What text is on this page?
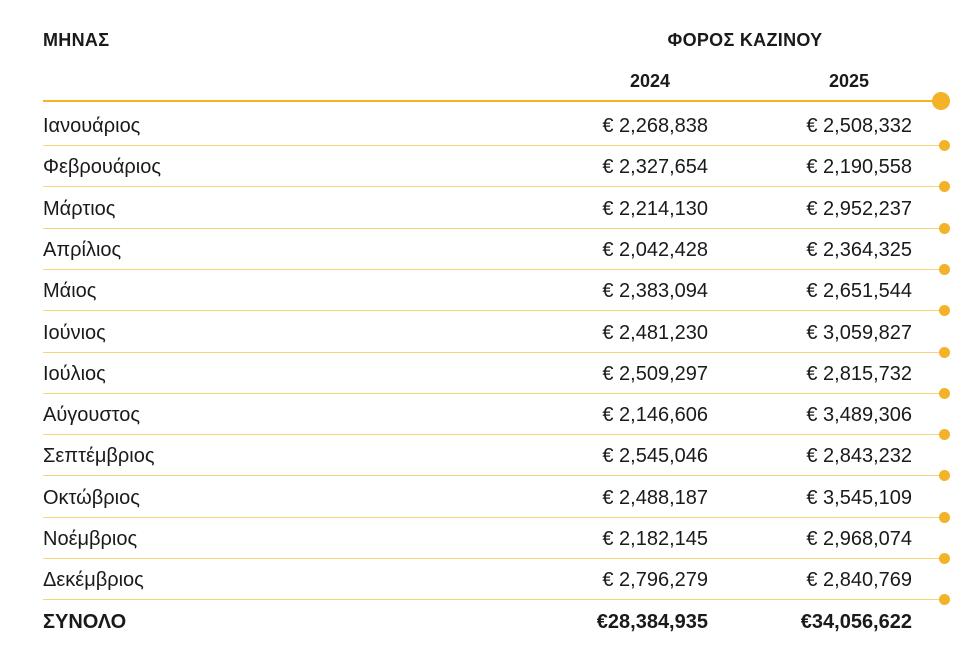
ΜΗΝΑΣ	ΦΟΡΟΣ ΚΑΖΙΝΟΥ
2024	2025
Ιανουάριος	€ 2,268,838	€ 2,508,332
Φεβρουάριος	€ 2,327,654	€ 2,190,558
Μάρτιος	€ 2,214,130	€ 2,952,237
Απρίλιος	€ 2,042,428	€ 2,364,325
Μάιος	€ 2,383,094	€ 2,651,544
Ιούνιος	€ 2,481,230	€ 3,059,827
Ιούλιος	€ 2,509,297	€ 2,815,732
Αύγουστος	€ 2,146,606	€ 3,489,306
Σεπτέμβριος	€ 2,545,046	€ 2,843,232
Οκτώβριος	€ 2,488,187	€ 3,545,109
Νοέμβριος	€ 2,182,145	€ 2,968,074
Δεκέμβριος	€ 2,796,279	€ 2,840,769
ΣΥΝΟΛΟ	€28,384,935	€34,056,622
